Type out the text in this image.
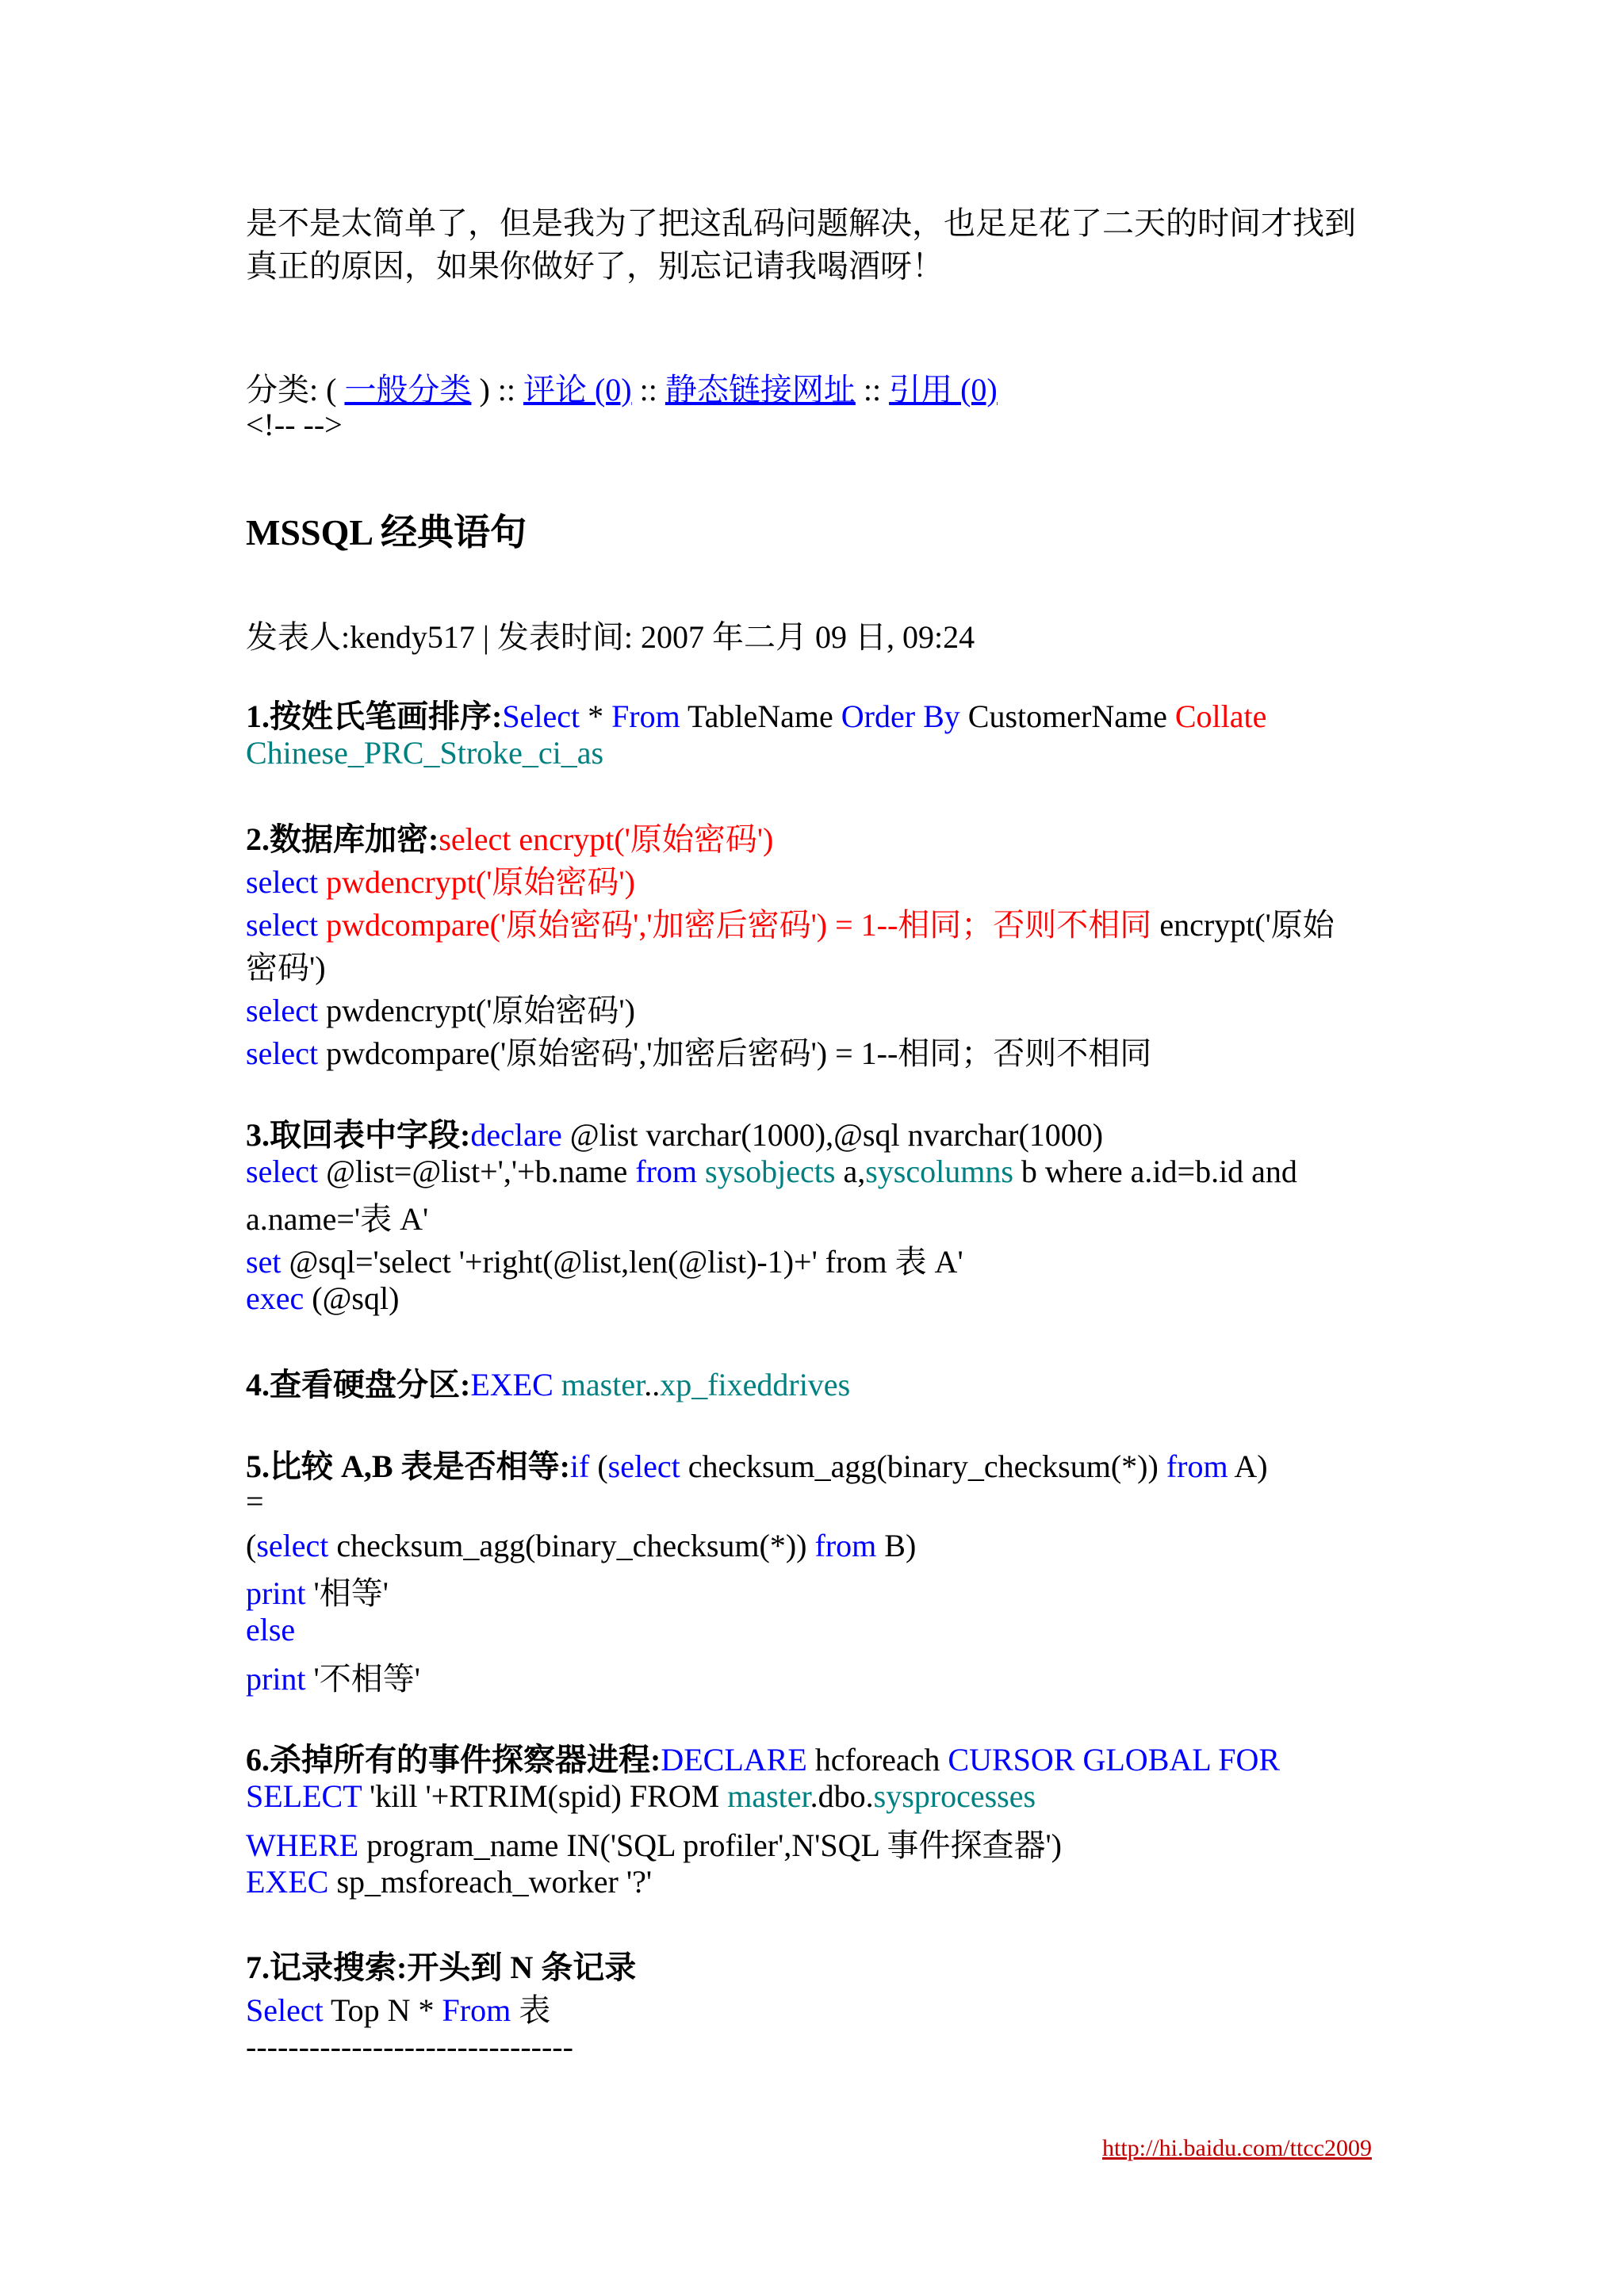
是不是太简单了，但是我为了把这乱码问题解决，也足足花了二天的时间才找到
真正的原因，如果你做好了，别忘记请我喝酒呀！
分类: ( 一般分类 ) :: 评论 (0) :: 静态链接网址 :: 引用 (0)
<!-- -->
MSSQL 经典语句
发表人:kendy517 | 发表时间: 2007 年二月 09 日, 09:24
1.按姓氏笔画排序:Select * From TableName Order By CustomerName Collate
Chinese_PRC_Stroke_ci_as
2.数据库加密:select encrypt('原始密码')
select pwdencrypt('原始密码')
select pwdcompare('原始密码','加密后密码') = 1--相同；否则不相同 encrypt('原始
密码')
select pwdencrypt('原始密码')
select pwdcompare('原始密码','加密后密码') = 1--相同；否则不相同
3.取回表中字段:declare @list varchar(1000),@sql nvarchar(1000)
select @list=@list+','+b.name from sysobjects a,syscolumns b where a.id=b.id and
a.name='表 A'
set @sql='select '+right(@list,len(@list)-1)+' from 表 A'
exec (@sql)
4.查看硬盘分区:EXEC master..xp_fixeddrives
5.比较 A,B 表是否相等:if (select checksum_agg(binary_checksum(*)) from A)
=
(select checksum_agg(binary_checksum(*)) from B)
print '相等'
else
print '不相等'
6.杀掉所有的事件探察器进程:DECLARE hcforeach CURSOR GLOBAL FOR
SELECT 'kill '+RTRIM(spid) FROM master.dbo.sysprocesses
WHERE program_name IN('SQL profiler',N'SQL 事件探查器')
EXEC sp_msforeach_worker '?'
7.记录搜索:开头到 N 条记录
Select Top N * From 表
-------------------------------
http://hi.baidu.com/ttcc2009
